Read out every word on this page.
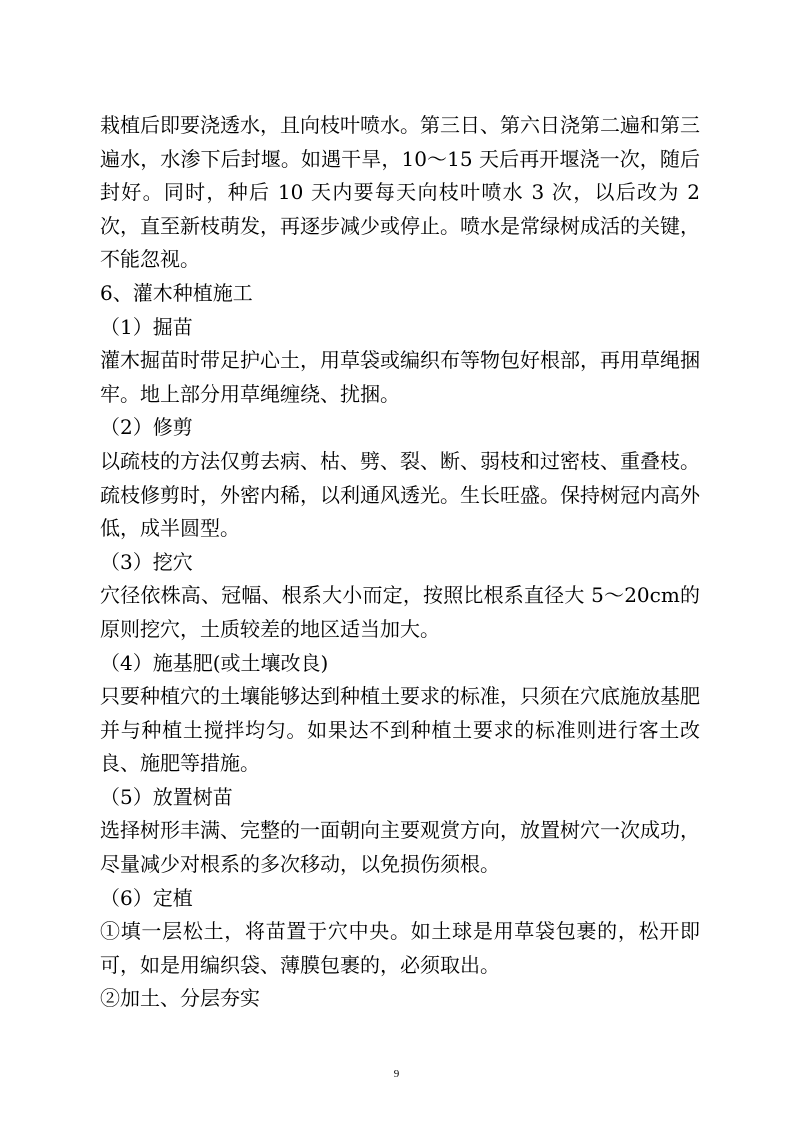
栽植后即要浇透水，且向枝叶喷水。第三日、第六日浇第二遍和第三遍水，水渗下后封堰。如遇干旱，10～15 天后再开堰浇一次，随后封好。同时，种后 10 天内要每天向枝叶喷水 3 次，以后改为 2 次，直至新枝萌发，再逐步减少或停止。喷水是常绿树成活的关键，不能忽视。

6、灌木种植施工

（1）掘苗

灌木掘苗时带足护心土，用草袋或编织布等物包好根部，再用草绳捆牢。地上部分用草绳缠绕、扰捆。

（2）修剪

以疏枝的方法仅剪去病、枯、劈、裂、断、弱枝和过密枝、重叠枝。

疏枝修剪时，外密内稀，以利通风透光。生长旺盛。保持树冠内高外低，成半圆型。

（3）挖穴

穴径依株高、冠幅、根系大小而定，按照比根系直径大 5～20cm的原则挖穴，土质较差的地区适当加大。

（4）施基肥(或土壤改良)

只要种植穴的土壤能够达到种植土要求的标准，只须在穴底施放基肥并与种植土搅拌均匀。如果达不到种植土要求的标准则进行客土改良、施肥等措施。

（5）放置树苗

选择树形丰满、完整的一面朝向主要观赏方向，放置树穴一次成功，尽量减少对根系的多次移动，以免损伤须根。

（6）定植

①填一层松土，将苗置于穴中央。如土球是用草袋包裹的，松开即可，如是用编织袋、薄膜包裹的，必须取出。

②加土、分层夯实

9
